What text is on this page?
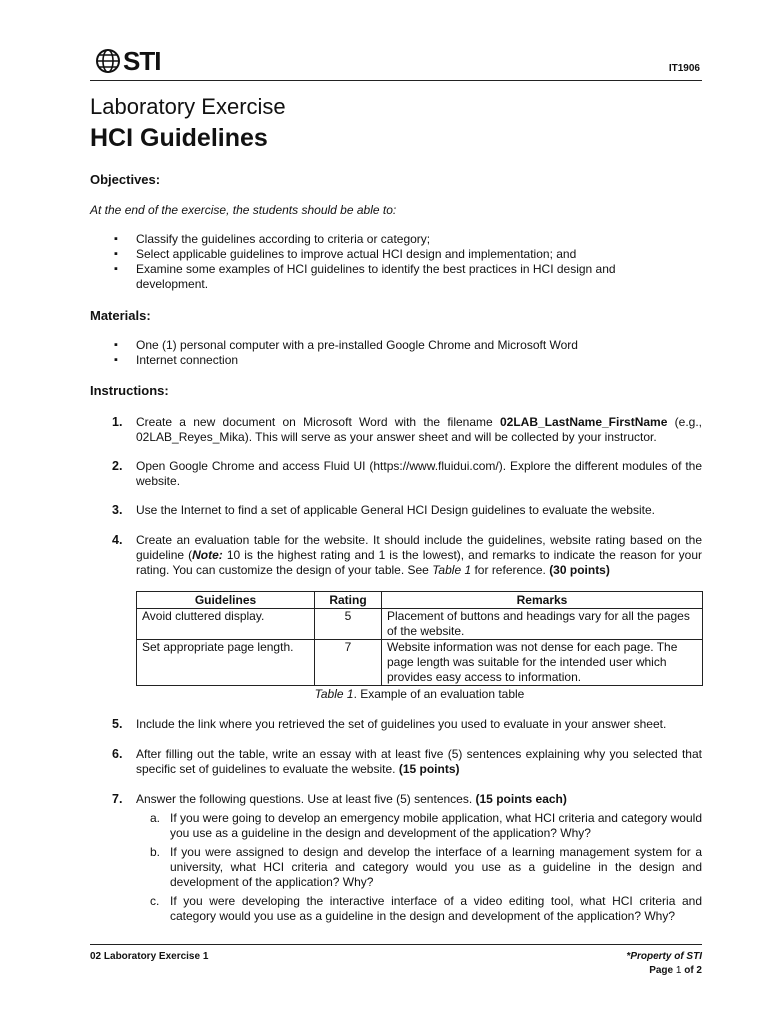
STI	IT1906
Laboratory Exercise
HCI Guidelines
Objectives:
At the end of the exercise, the students should be able to:
▪ Classify the guidelines according to criteria or category;
▪ Select applicable guidelines to improve actual HCI design and implementation; and
▪ Examine some examples of HCI guidelines to identify the best practices in HCI design and development.
Materials:
▪ One (1) personal computer with a pre-installed Google Chrome and Microsoft Word
▪ Internet connection
Instructions:
1. Create a new document on Microsoft Word with the filename 02LAB_LastName_FirstName (e.g., 02LAB_Reyes_Mika). This will serve as your answer sheet and will be collected by your instructor.
2. Open Google Chrome and access Fluid UI (https://www.fluidui.com/). Explore the different modules of the website.
3. Use the Internet to find a set of applicable General HCI Design guidelines to evaluate the website.
4. Create an evaluation table for the website. It should include the guidelines, website rating based on the guideline (Note: 10 is the highest rating and 1 is the lowest), and remarks to indicate the reason for your rating. You can customize the design of your table. See Table 1 for reference. (30 points)
Guidelines	Rating	Remarks
Avoid cluttered display.	5	Placement of buttons and headings vary for all the pages of the website.
Set appropriate page length.	7	Website information was not dense for each page. The page length was suitable for the intended user which provides easy access to information.
Table 1. Example of an evaluation table
5. Include the link where you retrieved the set of guidelines you used to evaluate in your answer sheet.
6. After filling out the table, write an essay with at least five (5) sentences explaining why you selected that specific set of guidelines to evaluate the website. (15 points)
7. Answer the following questions. Use at least five (5) sentences. (15 points each)
a. If you were going to develop an emergency mobile application, what HCI criteria and category would you use as a guideline in the design and development of the application? Why?
b. If you were assigned to design and develop the interface of a learning management system for a university, what HCI criteria and category would you use as a guideline in the design and development of the application? Why?
c. If you were developing the interactive interface of a video editing tool, what HCI criteria and category would you use as a guideline in the design and development of the application? Why?
02 Laboratory Exercise 1	*Property of STI
Page 1 of 2
